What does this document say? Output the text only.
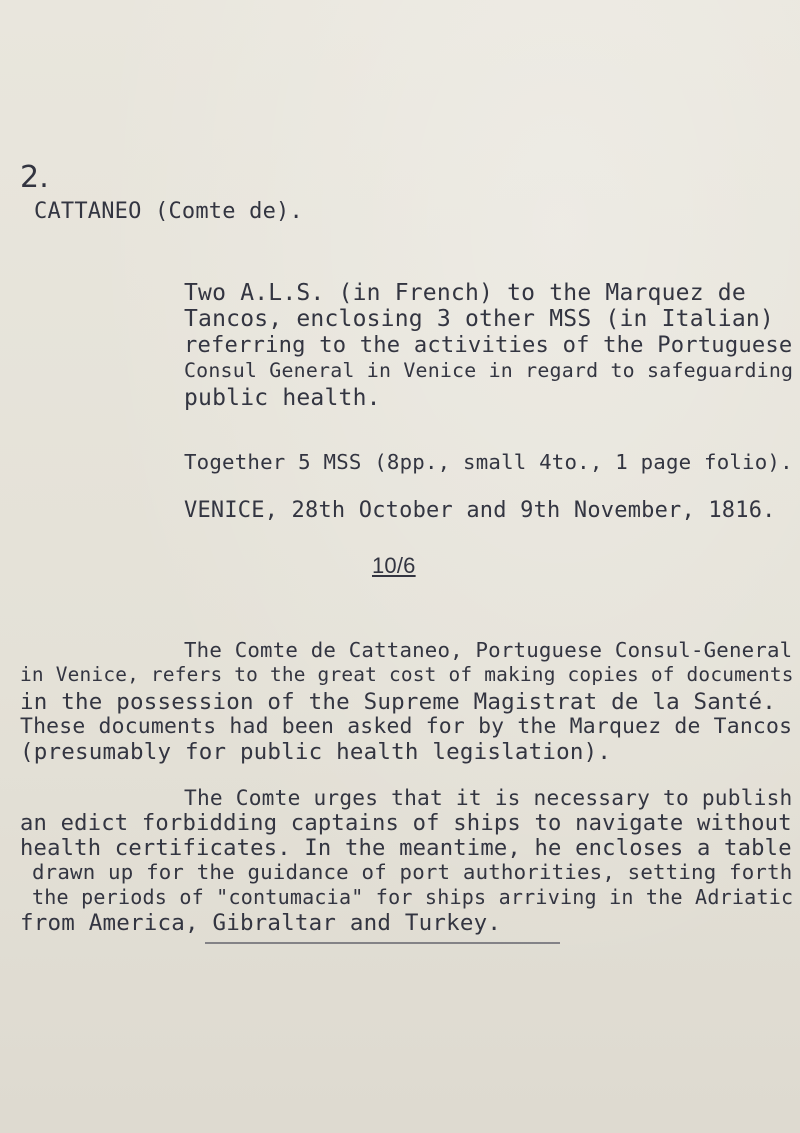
2.
CATTANEO (Comte de).
Two A.L.S. (in French) to the Marquez de
Tancos, enclosing 3 other MSS (in Italian)
referring to the activities of the Portuguese
Consul General in Venice in regard to safeguarding
public health.
Together 5 MSS (8pp., small 4to., 1 page folio).
VENICE, 28th October and 9th November, 1816.
10/6
The Comte de Cattaneo, Portuguese Consul-General
in Venice, refers to the great cost of making copies of documents
in the possession of the Supreme Magistrat de la Santé.
These documents had been asked for by the Marquez de Tancos
(presumably for public health legislation).
The Comte urges that it is necessary to publish
an edict forbidding captains of ships to navigate without
health certificates. In the meantime, he encloses a table
drawn up for the guidance of port authorities, setting forth
the periods of "contumacia" for ships arriving in the Adriatic
from America, Gibraltar and Turkey.
